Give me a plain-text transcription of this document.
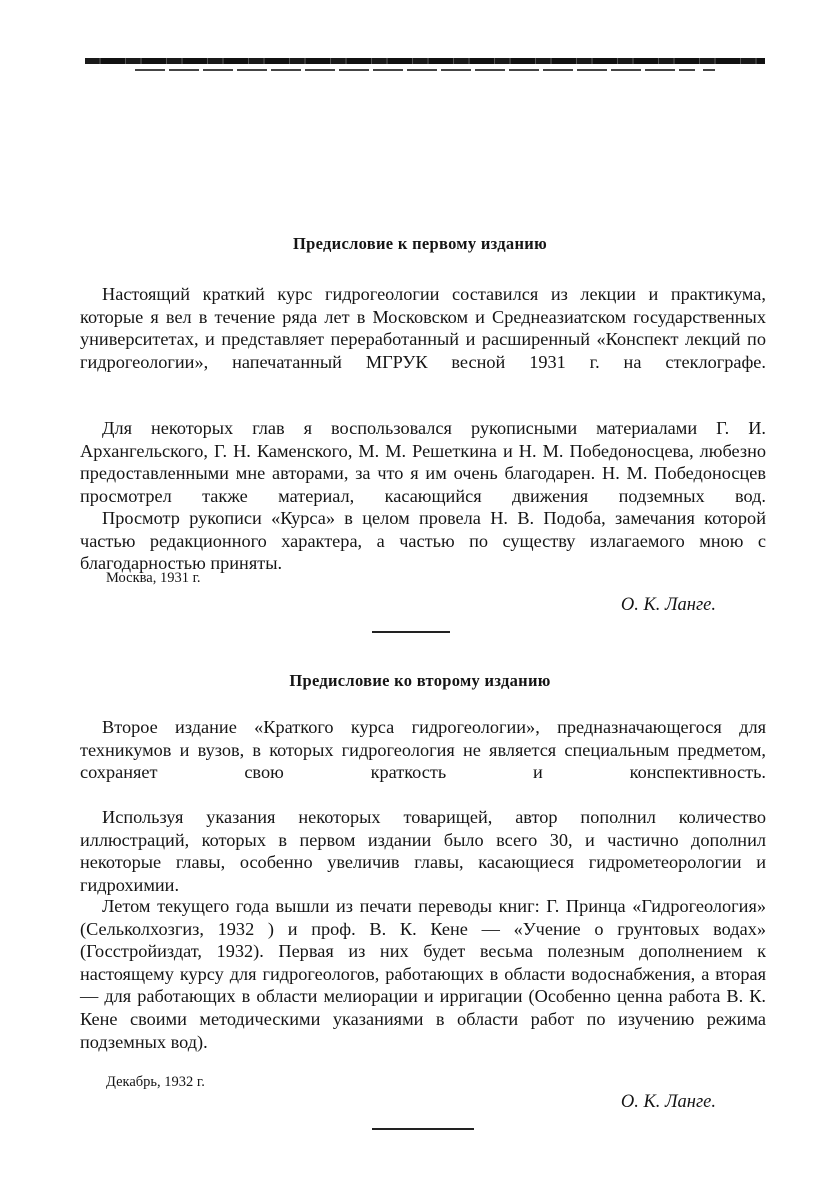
Предисловие к первому изданию

Настоящий краткий курс гидрогеологии составился из лекции и практикума, которые я вел в течение ряда лет в Московском и Среднеазиатском государственных университетах, и представляет переработанный и расширенный «Конспект лекций по гидрогеологии», напечатанный МГРУК весной 1931 г. на стеклографе.

Для некоторых глав я воспользовался рукописными материалами Г. И. Архангельского, Г. Н. Каменского, М. М. Решеткина и Н. М. Победоносцева, любезно предоставленными мне авторами, за что я им очень благодарен. Н. М. Победоносцев просмотрел также материал, касающийся движения подземных вод.

Просмотр рукописи «Курса» в целом провела Н. В. Подоба, замечания которой частью редакционного характера, а частью по существу излагаемого мною с благодарностью приняты.

Москва, 1931 г.

О. К. Ланге.

Предисловие ко второму изданию

Второе издание «Краткого курса гидрогеологии», предназначающегося для техникумов и вузов, в которых гидрогеология не является специальным предметом, сохраняет свою краткость и конспективность.

Используя указания некоторых товарищей, автор пополнил количество иллюстраций, которых в первом издании было всего 30, и частично дополнил некоторые главы, особенно увеличив главы, касающиеся гидрометеорологии и гидрохимии.

Летом текущего года вышли из печати переводы книг: Г. Принца «Гидрогеология» (Сельколхозгиз, 1932 ) и проф. В. К. Кене — «Учение о грунтовых водах» (Госстройиздат, 1932). Первая из них будет весьма полезным дополнением к настоящему курсу для гидрогеологов, работающих в области водоснабжения, а вторая — для работающих в области мелиорации и ирригации (Особенно ценна работа В. К. Кене своими методическими указаниями в области работ по изучению режима подземных вод).

Декабрь, 1932 г.

О. К. Ланге.
